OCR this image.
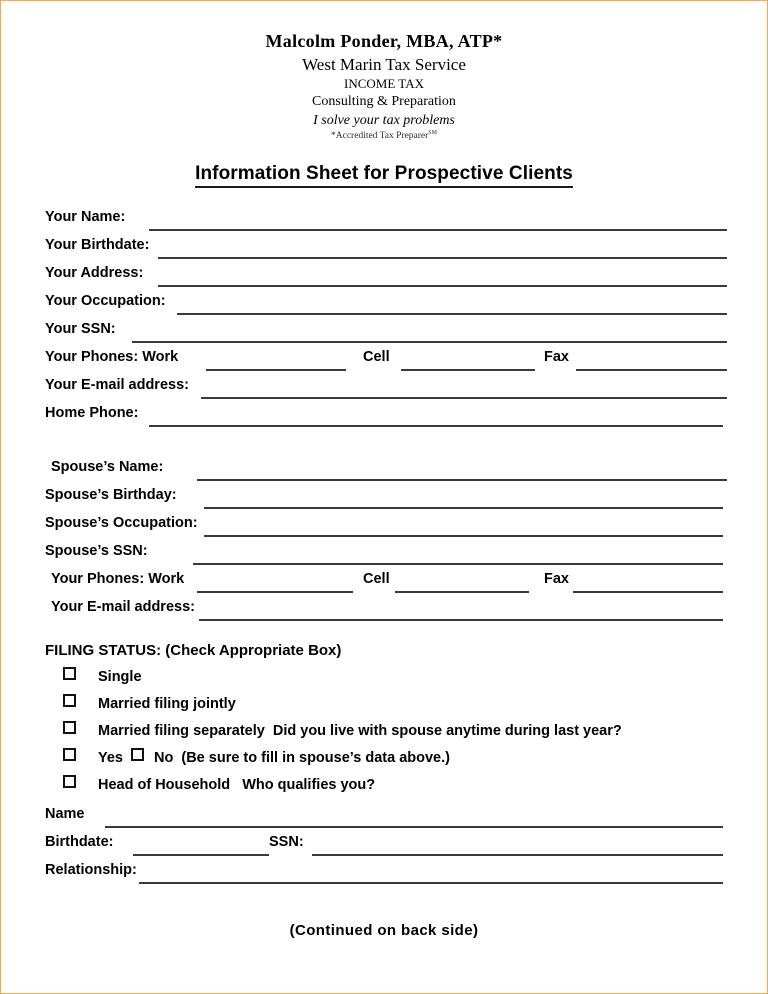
Malcolm Ponder, MBA, ATP*
West Marin Tax Service
INCOME TAX
Consulting & Preparation
I solve your tax problems
*Accredited Tax Preparer℠
Information Sheet for Prospective Clients
Your Name:
Your Birthdate:
Your Address:
Your Occupation:
Your SSN:
Your Phones: Work	Cell	Fax
Your E-mail address:
Home Phone:
Spouse’s Name:
Spouse’s Birthday:
Spouse’s Occupation:
Spouse’s SSN:
Your Phones: Work	Cell	Fax
Your E-mail address:
FILING STATUS: (Check Appropriate Box)
Single
Married filing jointly
Married filing separately  Did you live with spouse anytime during last year?
Yes No  (Be sure to fill in spouse’s data above.)
Head of Household   Who qualifies you?
Name
Birthdate:	SSN:
Relationship:
(Continued on back side)
